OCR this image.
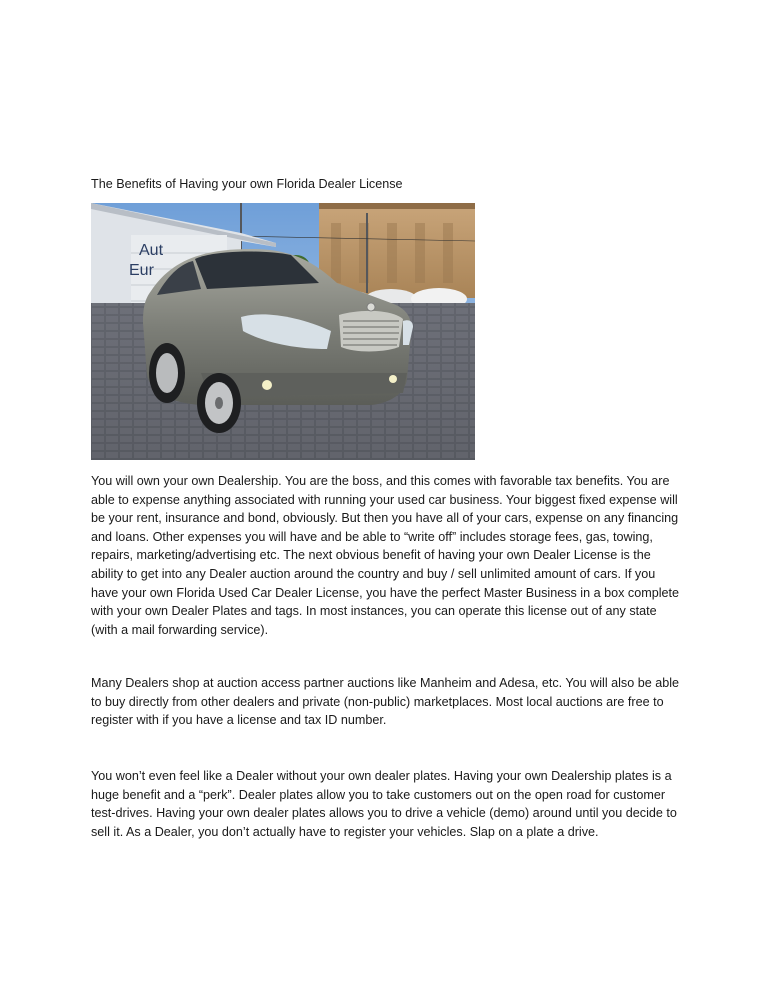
The Benefits of Having your own Florida Dealer License
Aut
Eur

You will own your own Dealership. You are the boss, and this comes with favorable tax benefits. You are able to expense anything associated with running your used car business. Your biggest fixed expense will be your rent, insurance and bond, obviously. But then you have all of your cars, expense on any financing and loans. Other expenses you will have and be able to “write off” includes storage fees, gas, towing, repairs, marketing/advertising etc. The next obvious benefit of having your own Dealer License is the ability to get into any Dealer auction around the country and buy / sell unlimited amount of cars. If you have your own Florida Used Car Dealer License, you have the perfect Master Business in a box complete with your own Dealer Plates and tags. In most instances, you can operate this license out of any state (with a mail forwarding service).

Many Dealers shop at auction access partner auctions like Manheim and Adesa, etc. You will also be able to buy directly from other dealers and private (non-public) marketplaces. Most local auctions are free to register with if you have a license and tax ID number.

You won’t even feel like a Dealer without your own dealer plates. Having your own Dealership plates is a huge benefit and a “perk”. Dealer plates allow you to take customers out on the open road for customer test-drives. Having your own dealer plates allows you to drive a vehicle (demo) around until you decide to sell it. As a Dealer, you don’t actually have to register your vehicles. Slap on a plate a drive.
